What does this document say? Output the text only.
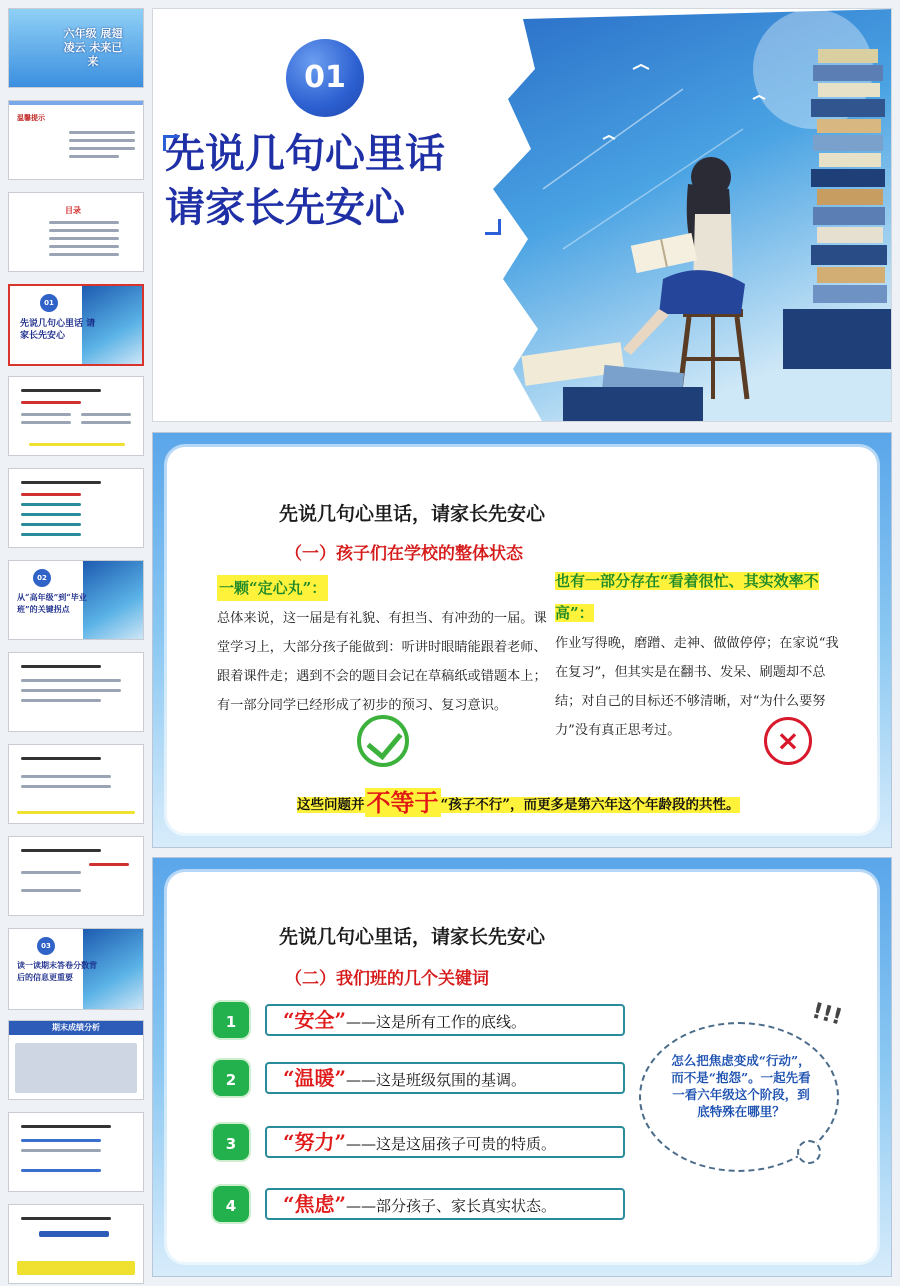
六年级 展翅凌云 未来已来
温馨提示
目录
01
先说几句心里话 请家长先安心
02
从“高年级”到“毕业班”的关键拐点
03
读一读期末答卷分数背后的信息更重要
期末成绩分析
01
先说几句心里话
请家长先安心
先说几句心里话，请家长先安心
（一）孩子们在学校的整体状态
一颗“定心丸”：
总体来说，这一届是有礼貌、有担当、有冲劲的一届。课堂学习上，大部分孩子能做到：听讲时眼睛能跟着老师、跟着课件走；遇到不会的题目会记在草稿纸或错题本上；有一部分同学已经形成了初步的预习、复习意识。
也有一部分存在“看着很忙、其实效率不高”：
作业写得晚，磨蹭、走神、做做停停；在家说“我在复习”，但其实是在翻书、发呆、刷题却不总结；对自己的目标还不够清晰，对“为什么要努力”没有真正思考过。	×
这些问题并不等于 “孩子不行”，而更多是第六年这个年龄段的共性。
先说几句心里话，请家长先安心
（二）我们班的几个关键词
1	“安全”——这是所有工作的底线。
2	“温暖”——这是班级氛围的基调。
3	“努力”——这是这届孩子可贵的特质。
4	“焦虑”——部分孩子、家长真实状态。
!!!
怎么把焦虑变成“行动”，而不是“抱怨”。一起先看一看六年级这个阶段，到底特殊在哪里？
